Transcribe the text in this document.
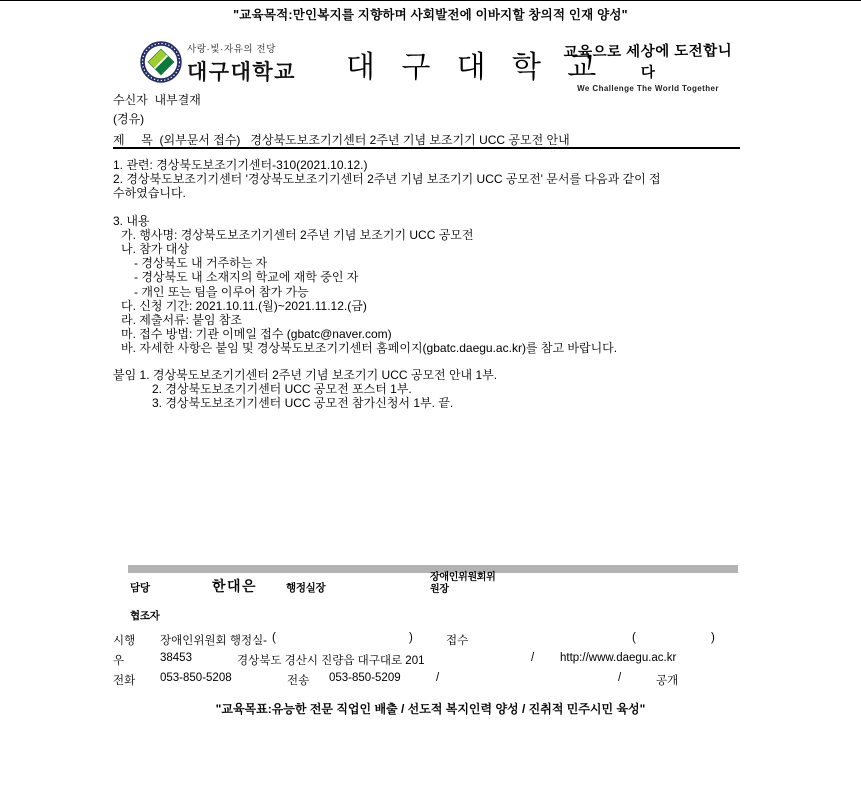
"교육목적:만인복지를 지향하며 사회발전에 이바지할 창의적 인재 양성"
사랑·빛·자유의 전당
대구대학교 대 구 대 학 교
교육으로 세상에 도전합니다
We Challenge The World Together
수신자  내부결재
(경유)
제     목  (외부문서 접수)   경상북도보조기기센터 2주년 기념 보조기기 UCC 공모전 안내
1. 관련: 경상북도보조기기센터-310(2021.10.12.)
2. 경상북도보조기기센터 '경상북도보조기기센터 2주년 기념 보조기기 UCC 공모전' 문서를 다음과 같이 접
수하였습니다.
3. 내용
가. 행사명: 경상북도보조기기센터 2주년 기념 보조기기 UCC 공모전
나. 참가 대상
- 경상북도 내 거주하는 자
- 경상북도 내 소재지의 학교에 재학 중인 자
- 개인 또는 팀을 이루어 참가 가능
다. 신청 기간: 2021.10.11.(월)~2021.11.12.(금)
라. 제출서류: 붙임 참조
마. 접수 방법: 기관 이메일 접수 (gbatc@naver.com)
바. 자세한 사항은 붙임 및 경상북도보조기기센터 홈페이지(gbatc.daegu.ac.kr)를 참고 바랍니다.
붙임 1. 경상북도보조기기센터 2주년 기념 보조기기 UCC 공모전 안내 1부.
2. 경상북도보조기기센터 UCC 공모전 포스터 1부.
3. 경상북도보조기기센터 UCC 공모전 참가신청서 1부. 끝.
담당	한대은	행정실장
장애인위원회위
원장
협조자
시행 장애인위원회 행정실- (	)	접수	(	)
우	38453	경상북도 경산시 진량읍 대구대로 201	/ http://www.daegu.ac.kr
전화 053-850-5208	전송 053-850-5209	/	/	공개
"교육목표:유능한 전문 직업인 배출 / 선도적 복지인력 양성 / 진취적 민주시민 육성"
